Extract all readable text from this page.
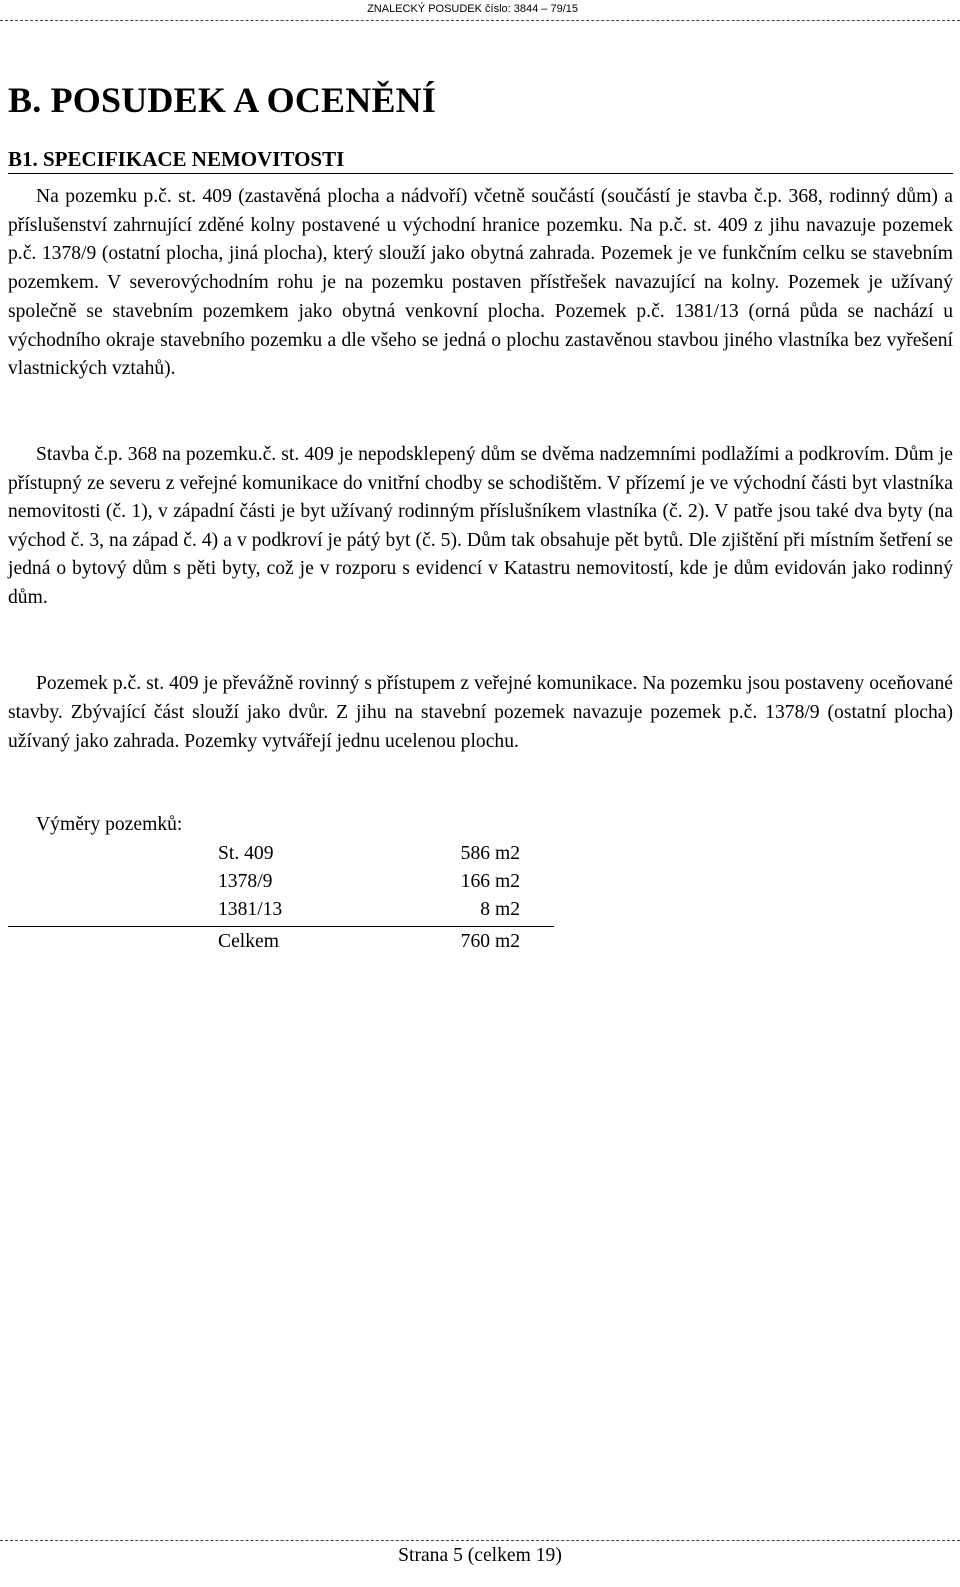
ZNALECKÝ POSUDEK číslo: 3844 – 79/15
B. POSUDEK A OCENĚNÍ
B1. SPECIFIKACE NEMOVITOSTI

Na pozemku p.č. st. 409 (zastavěná plocha a nádvoří) včetně součástí (součástí je stavba č.p. 368, rodinný dům) a příslušenství zahrnující zděné kolny postavené u východní hranice pozemku. Na p.č. st. 409 z jihu navazuje pozemek p.č. 1378/9 (ostatní plocha, jiná plocha), který slouží jako obytná zahrada. Pozemek je ve funkčním celku se stavebním pozemkem. V severovýchodním rohu je na pozemku postaven přístřešek navazující na kolny. Pozemek je užívaný společně se stavebním pozemkem jako obytná venkovní plocha. Pozemek p.č. 1381/13 (orná půda se nachází u východního okraje stavebního pozemku a dle všeho se jedná o plochu zastavěnou stavbou jiného vlastníka bez vyřešení vlastnických vztahů).

Stavba č.p. 368 na pozemku.č. st. 409 je nepodsklepený dům se dvěma nadzemními podlažími a podkrovím. Dům je přístupný ze severu z veřejné komunikace do vnitřní chodby se schodištěm. V přízemí je ve východní části byt vlastníka nemovitosti (č. 1), v západní části je byt užívaný rodinným příslušníkem vlastníka (č. 2). V patře jsou také dva byty (na východ č. 3, na západ č. 4) a v podkroví je pátý byt (č. 5). Dům tak obsahuje pět bytů. Dle zjištění při místním šetření se jedná o bytový dům s pěti byty, což je v rozporu s evidencí v Katastru nemovitostí, kde je dům evidován jako rodinný dům.

Pozemek p.č. st. 409 je převážně rovinný s přístupem z veřejné komunikace. Na pozemku jsou postaveny oceňované stavby. Zbývající část slouží jako dvůr. Z jihu na stavební pozemek navazuje pozemek p.č. 1378/9 (ostatní plocha) užívaný jako zahrada. Pozemky vytvářejí jednu ucelenou plochu.

Výměry pozemků:
St. 409	586 m2
1378/9	166 m2
1381/13	8 m2
Celkem	760 m2
Strana 5 (celkem 19)
